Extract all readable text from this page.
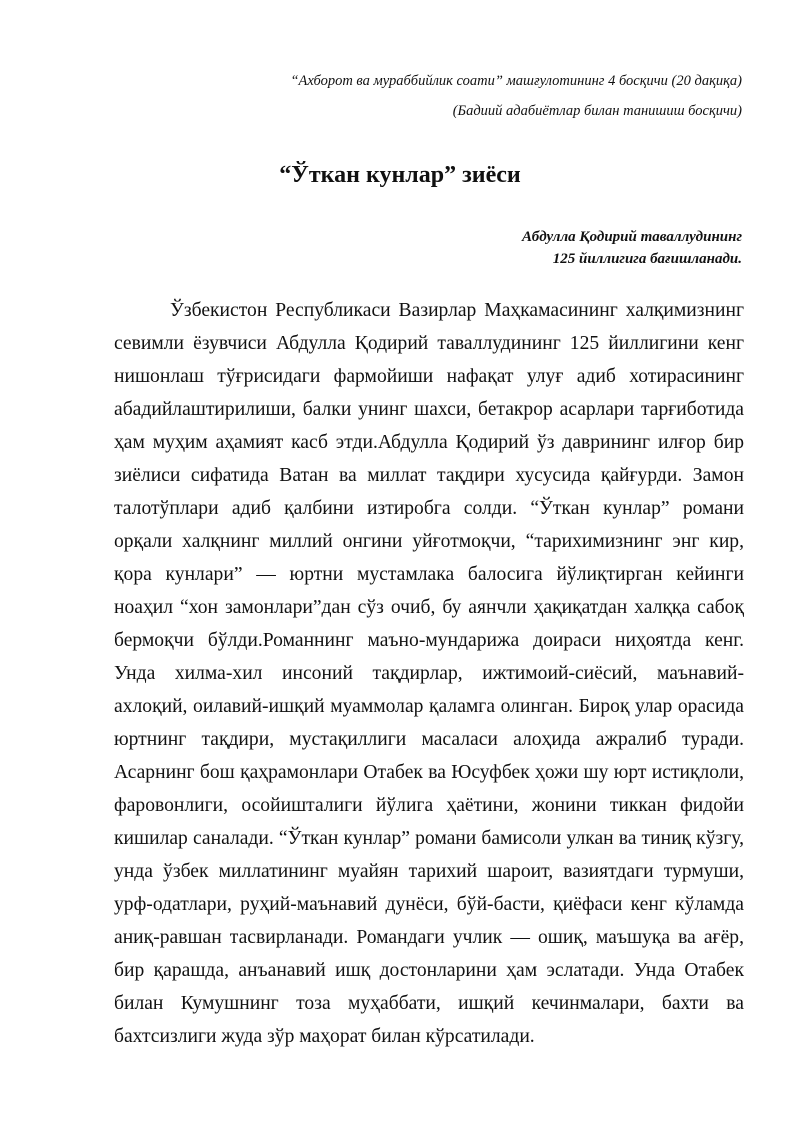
“Ахборот ва мураббийлик соати” машғулотининг 4 босқичи (20 дақиқа)
(Бадиий адабиётлар билан танишиш босқичи)
“Ўткан кунлар” зиёси
Абдулла Қодирий таваллудининг
125 йиллигига бағишланади.

Ўзбекистон Республикаси Вазирлар Маҳкамасининг халқимизнинг севимли ёзувчиси Абдулла Қодирий таваллудининг 125 йиллигини кенг нишонлаш тўғрисидаги фармойиши нафақат улуғ адиб хотирасининг абадийлаштирилиши, балки унинг шахси, бетакрор асарлари тарғиботида ҳам муҳим аҳамият касб этди.Абдулла Қодирий ўз даврининг илғор бир зиёлиси сифатида Ватан ва миллат тақдири хусусида қайғурди. Замон талотўплари адиб қалбини изтиробга солди. “Ўткан кунлар” романи орқали халқнинг миллий онгини уйғотмоқчи, “тарихимизнинг энг кир, қора кунлари” — юртни мустамлака балосига йўлиқтирган кейинги ноаҳил “хон замонлари”дан сўз очиб, бу аянчли ҳақиқатдан халққа сабоқ бермоқчи бўлди.Романнинг маъно-мундарижа доираси ниҳоятда кенг. Унда хилма-хил инсоний тақдирлар, ижтимоий-сиёсий, маънавий-ахлоқий, оилавий-ишқий муаммолар қаламга олинган. Бироқ улар орасида юртнинг тақдири, мустақиллиги масаласи алоҳида ажралиб туради. Асарнинг бош қаҳрамонлари Отабек ва Юсуфбек ҳожи шу юрт истиқлоли, фаровонлиги, осойишталиги йўлига ҳаётини, жонини тиккан фидойи кишилар саналади. “Ўткан кунлар” романи бамисоли улкан ва тиниқ кўзгу, унда ўзбек миллатининг муайян тарихий шароит, вазиятдаги турмуши, урф-одатлари, руҳий-маънавий дунёси, бўй-басти, қиёфаси кенг кўламда аниқ-равшан тасвирланади. Романдаги учлик — ошиқ, маъшуқа ва ағёр, бир қарашда, анъанавий ишқ достонларини ҳам эслатади. Унда Отабек билан Кумушнинг тоза муҳаббати, ишқий кечинмалари, бахти ва бахтсизлиги жуда зўр маҳорат билан кўрсатилади.
